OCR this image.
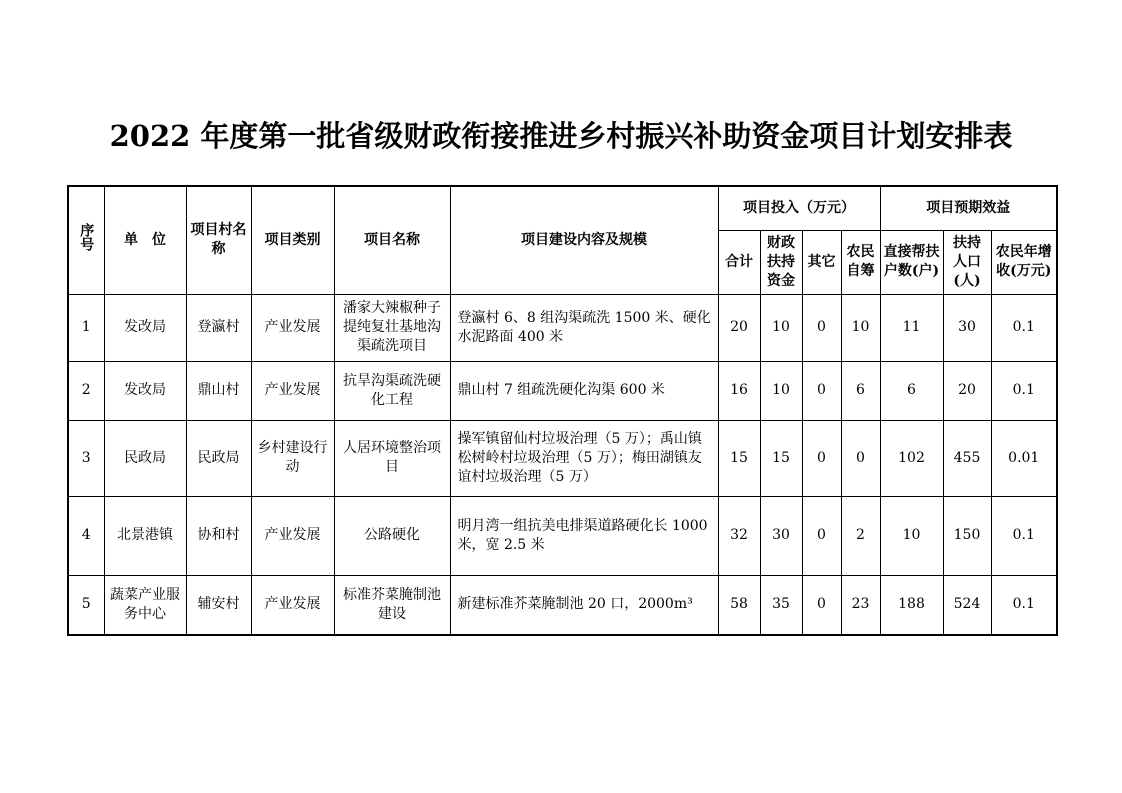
2022 年度第一批省级财政衔接推进乡村振兴补助资金项目计划安排表
序号	单　位	项目村名称	项目类别	项目名称	项目建设内容及规模	项目投入（万元）				项目预期效益		
						合计	财政扶持资金	其它	农民自筹	直接帮扶户数(户)	扶持人口(人)	农民年增收(万元)
1	发改局	登瀛村	产业发展	潘家大辣椒种子提纯复壮基地沟渠疏洗项目	登瀛村 6、8 组沟渠疏洗 1500 米、硬化水泥路面 400 米	20	10	0	10	11	30	0.1
2	发改局	鼎山村	产业发展	抗旱沟渠疏洗硬化工程	鼎山村 7 组疏洗硬化沟渠 600 米	16	10	0	6	6	20	0.1
3	民政局	民政局	乡村建设行动	人居环境整治项目	操军镇留仙村垃圾治理（5 万）；禹山镇松树岭村垃圾治理（5 万）；梅田湖镇友谊村垃圾治理（5 万）	15	15	0	0	102	455	0.01
4	北景港镇	协和村	产业发展	公路硬化	明月湾一组抗美电排渠道路硬化长 1000 米，宽 2.5 米	32	30	0	2	10	150	0.1
5	蔬菜产业服务中心	辅安村	产业发展	标准芥菜腌制池建设	新建标准芥菜腌制池 20 口，2000m³	58	35	0	23	188	524	0.1
